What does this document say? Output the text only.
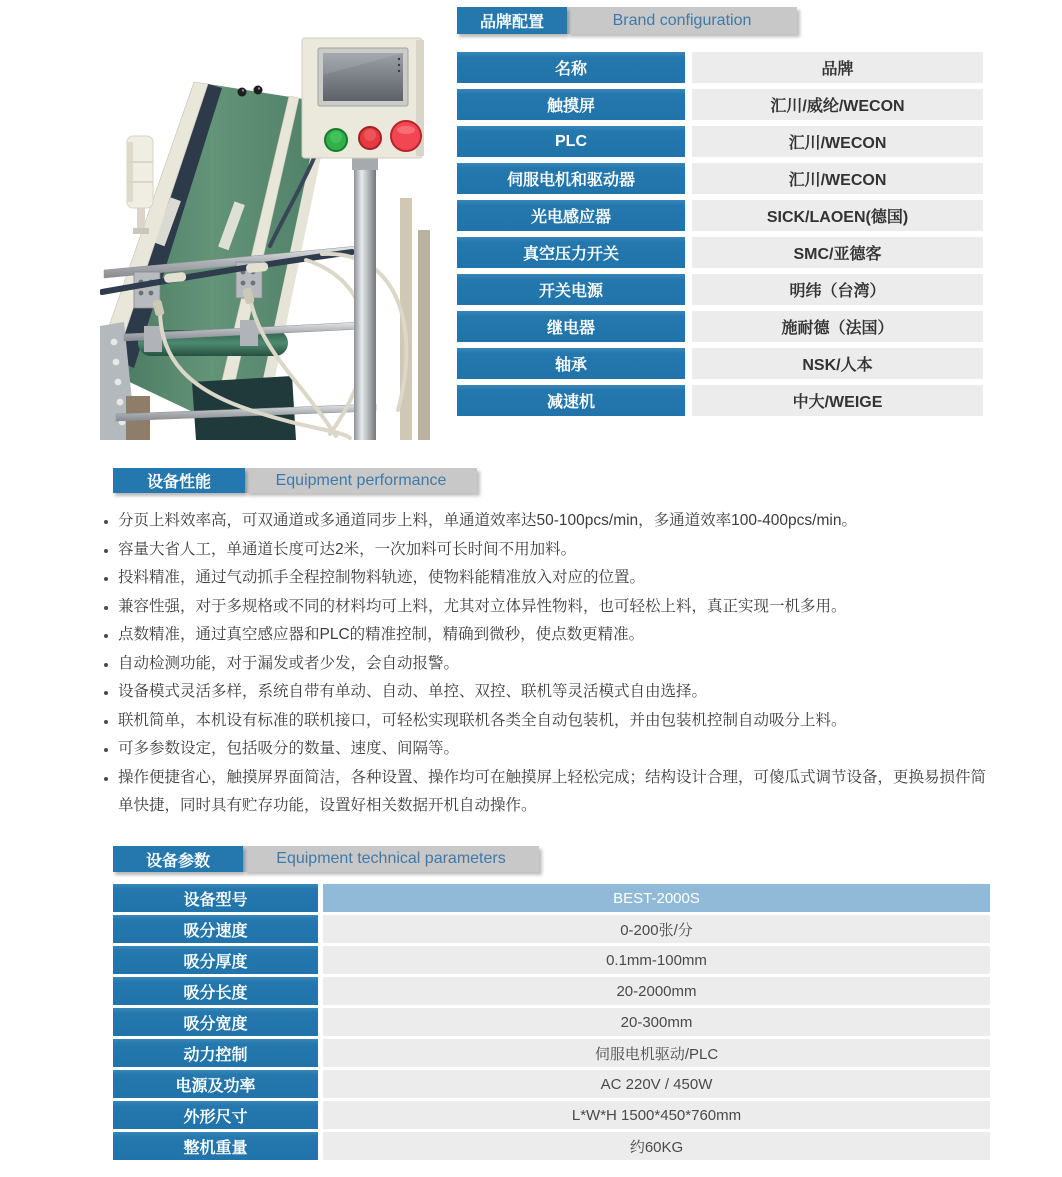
品牌配置	Brand configuration
名称	品牌
触摸屏	汇川/威纶/WECON
PLC	汇川/WECON
伺服电机和驱动器	汇川/WECON
光电感应器	SICK/LAOEN(德国)
真空压力开关	SMC/亚德客
开关电源	明纬（台湾）
继电器	施耐德（法国）
轴承	NSK/人本
减速机	中大/WEIGE
设备性能	Equipment performance
分页上料效率高，可双通道或多通道同步上料，单通道效率达50-100pcs/min，多通道效率100-400pcs/min。
容量大省人工，单通道长度可达2米，一次加料可长时间不用加料。
投料精准，通过气动抓手全程控制物料轨迹，使物料能精准放入对应的位置。
兼容性强，对于多规格或不同的材料均可上料，尤其对立体异性物料，也可轻松上料，真正实现一机多用。
点数精准，通过真空感应器和PLC的精准控制，精确到微秒，使点数更精准。
自动检测功能，对于漏发或者少发，会自动报警。
设备模式灵活多样，系统自带有单动、自动、单控、双控、联机等灵活模式自由选择。
联机简单，本机设有标准的联机接口，可轻松实现联机各类全自动包装机，并由包装机控制自动吸分上料。
可多参数设定，包括吸分的数量、速度、间隔等。
操作便捷省心，触摸屏界面简洁，各种设置、操作均可在触摸屏上轻松完成；结构设计合理，可傻瓜式调节设备，更换易损件简单快捷，同时具有贮存功能，设置好相关数据开机自动操作。
设备参数	Equipment technical parameters
设备型号	BEST-2000S
吸分速度	0-200张/分
吸分厚度	0.1mm-100mm
吸分长度	20-2000mm
吸分宽度	20-300mm
动力控制	伺服电机驱动/PLC
电源及功率	AC 220V / 450W
外形尺寸	L*W*H 1500*450*760mm
整机重量	约60KG
